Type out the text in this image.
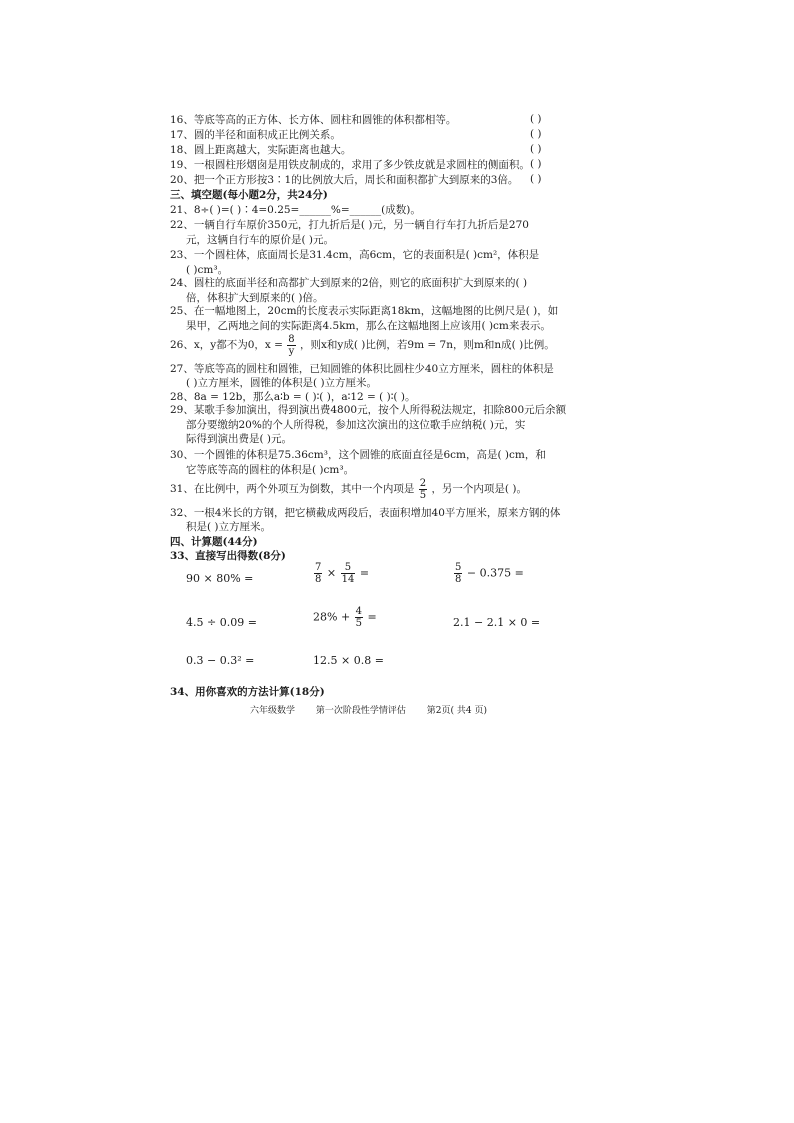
16、等底等高的正方体、长方体、圆柱和圆锥的体积都相等。	( )
17、圆的半径和面积成正比例关系。	( )
18、圆上距离越大，实际距离也越大。	( )
19、一根圆柱形烟囱是用铁皮制成的，求用了多少铁皮就是求圆柱的侧面积。 ( )
20、把一个正方形按3∶1的比例放大后，周长和面积都扩大到原来的3倍。 ( )
三、填空题(每小题2分，共24分)
21、8÷( )=( )∶4=0.25=______%=______(成数)。
22、一辆自行车原价350元，打九折后是( )元，另一辆自行车打九折后是270
元，这辆自行车的原价是( )元。
23、一个圆柱体，底面周长是31.4cm，高6cm，它的表面积是( )cm²，体积是
( )cm³。
24、圆柱的底面半径和高都扩大到原来的2倍，则它的底面积扩大到原来的( )
倍，体积扩大到原来的( )倍。
25、在一幅地图上，20cm的长度表示实际距离18km，这幅地图的比例尺是( )，如
果甲，乙两地之间的实际距离4.5km，那么在这幅地图上应该用( )cm来表示。
26、x，y都不为0，$x = \frac{8}{y}$ ，则x和y成( )比例，若9m = 7n，则m和n成( )比例。
27、等底等高的圆柱和圆锥，已知圆锥的体积比圆柱少40立方厘米，圆柱的体积是
( )立方厘米，圆锥的体积是( )立方厘米。
28、8a = 12b，那么a∶b = ( )∶( )，a∶12 = ( )∶( )。
29、某歌手参加演出，得到演出费4800元，按个人所得税法规定，扣除800元后余额
部分要缴纳20%的个人所得税，参加这次演出的这位歌手应纳税( )元，实
际得到演出费是( )元。
30、一个圆锥的体积是75.36cm³，这个圆锥的底面直径是6cm，高是( )cm，和
它等底等高的圆柱的体积是( )cm³。
31、在比例中，两个外项互为倒数，其中一个内项是 $\frac{2}{5}$ ，另一个内项是( )。
32、一根4米长的方钢，把它横截成两段后，表面积增加40平方厘米，原来方钢的体
积是( )立方厘米。
四、计算题(44分)
33、直接写出得数(8分)
90 × 80% =	$\frac{7}{8} \times \frac{5}{14}$ =	$\frac{5}{8} - 0.375$ =
4.5 ÷ 0.09 =	$28\% + \frac{4}{5}$ =	2.1 − 2.1 × 0 =
0.3 − 0.3² =	12.5 × 0.8 =
34、用你喜欢的方法计算(18分)
六年级数学 第一次阶段性学情评估 第2页( 共4 页)
